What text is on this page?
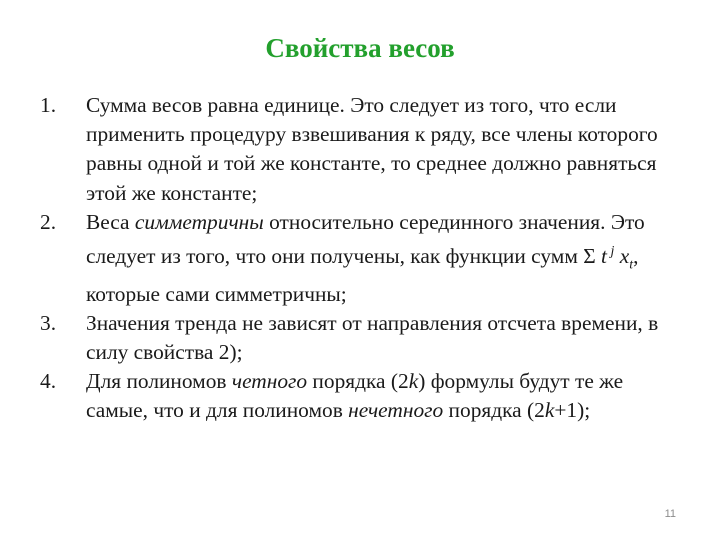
Свойства весов
1.	Сумма весов равна единице. Это следует из того, что если применить процедуру взвешивания к ряду, все члены которого равны одной и той же константе, то среднее должно равняться этой же константе;
2.	Веса симметричны относительно серединного значения. Это следует из того, что они получены, как функции сумм Σ t $^j$ $x_t$, которые сами симметричны;
3.	Значения тренда не зависят от направления отсчета времени, в силу свойства 2);
4.	Для полиномов четного порядка (2k) формулы будут те же самые, что и для полиномов нечетного порядка (2k+1);
11
